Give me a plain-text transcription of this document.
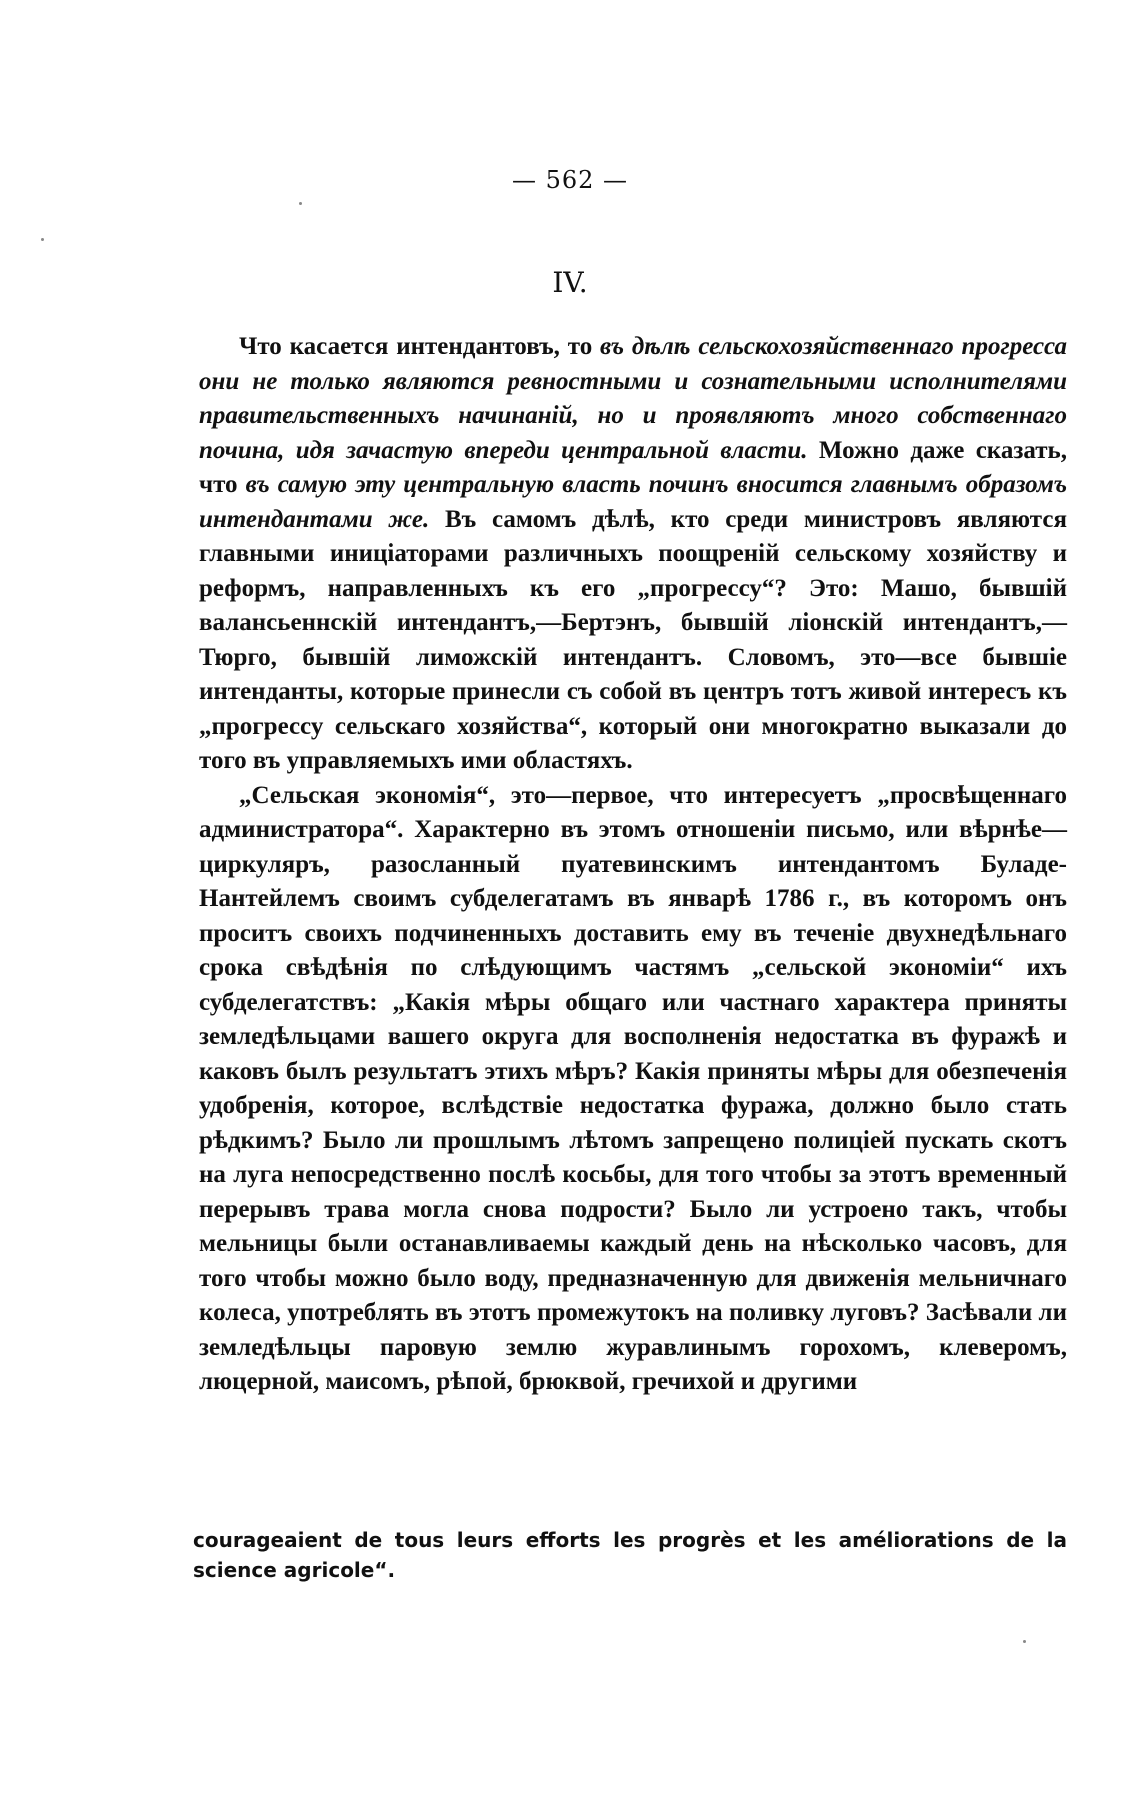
— 562 —
IV.

Что касается интендантовъ, то въ дѣлѣ сельскохозяйственнаго прогресса они не только являются ревностными и сознательными исполнителями правительственныхъ начинаній, но и проявляютъ много собственнаго почина, идя зачастую впереди центральной власти. Можно даже сказать, что въ самую эту центральную власть починъ вносится главнымъ образомъ интендантами же. Въ самомъ дѣлѣ, кто среди министровъ являются главными иниціаторами различныхъ поощреній сельскому хозяйству и реформъ, направленныхъ къ его „прогрессу“? Это: Машо, бывшій валансьеннскій интендантъ,—Бертэнъ, бывшій ліонскій интендантъ,—Тюрго, бывшій лиможскій интендантъ. Словомъ, это—все бывшіе интенданты, которые принесли съ собой въ центръ тотъ живой интересъ къ „прогрессу сельскаго хозяйства“, который они многократно выказали до того въ управляемыхъ ими областяхъ.

„Сельская экономія“, это—первое, что интересуетъ „просвѣщеннаго администратора“. Характерно въ этомъ отношеніи письмо, или вѣрнѣе—циркуляръ, разосланный пуатевинскимъ интендантомъ Буладе-Нантейлемъ своимъ субделегатамъ въ январѣ 1786 г., въ которомъ онъ проситъ своихъ подчиненныхъ доставить ему въ теченіе двухнедѣльнаго срока свѣдѣнія по слѣдующимъ частямъ „сельской экономіи“ ихъ субделегатствъ: „Какія мѣры общаго или частнаго характера приняты земледѣльцами вашего округа для восполненія недостатка въ фуражѣ и каковъ былъ результатъ этихъ мѣръ? Какія приняты мѣры для обезпеченія удобренія, которое, вслѣдствіе недостатка фуража, должно было стать рѣдкимъ? Было ли прошлымъ лѣтомъ запрещено полиціей пускать скотъ на луга непосредственно послѣ косьбы, для того чтобы за этотъ временный перерывъ трава могла снова подрости? Было ли устроено такъ, чтобы мельницы были останавливаемы каждый день на нѣсколько часовъ, для того чтобы можно было воду, предназначенную для движенія мельничнаго колеса, употреблять въ этотъ промежутокъ на поливку луговъ? Засѣвали ли земледѣльцы паровую землю журавлинымъ горохомъ, клеверомъ, люцерной, маисомъ, рѣпой, брюквой, гречихой и другими

couragеaient de tous leurs efforts les progrès et les améliorations de la science agricole“.
